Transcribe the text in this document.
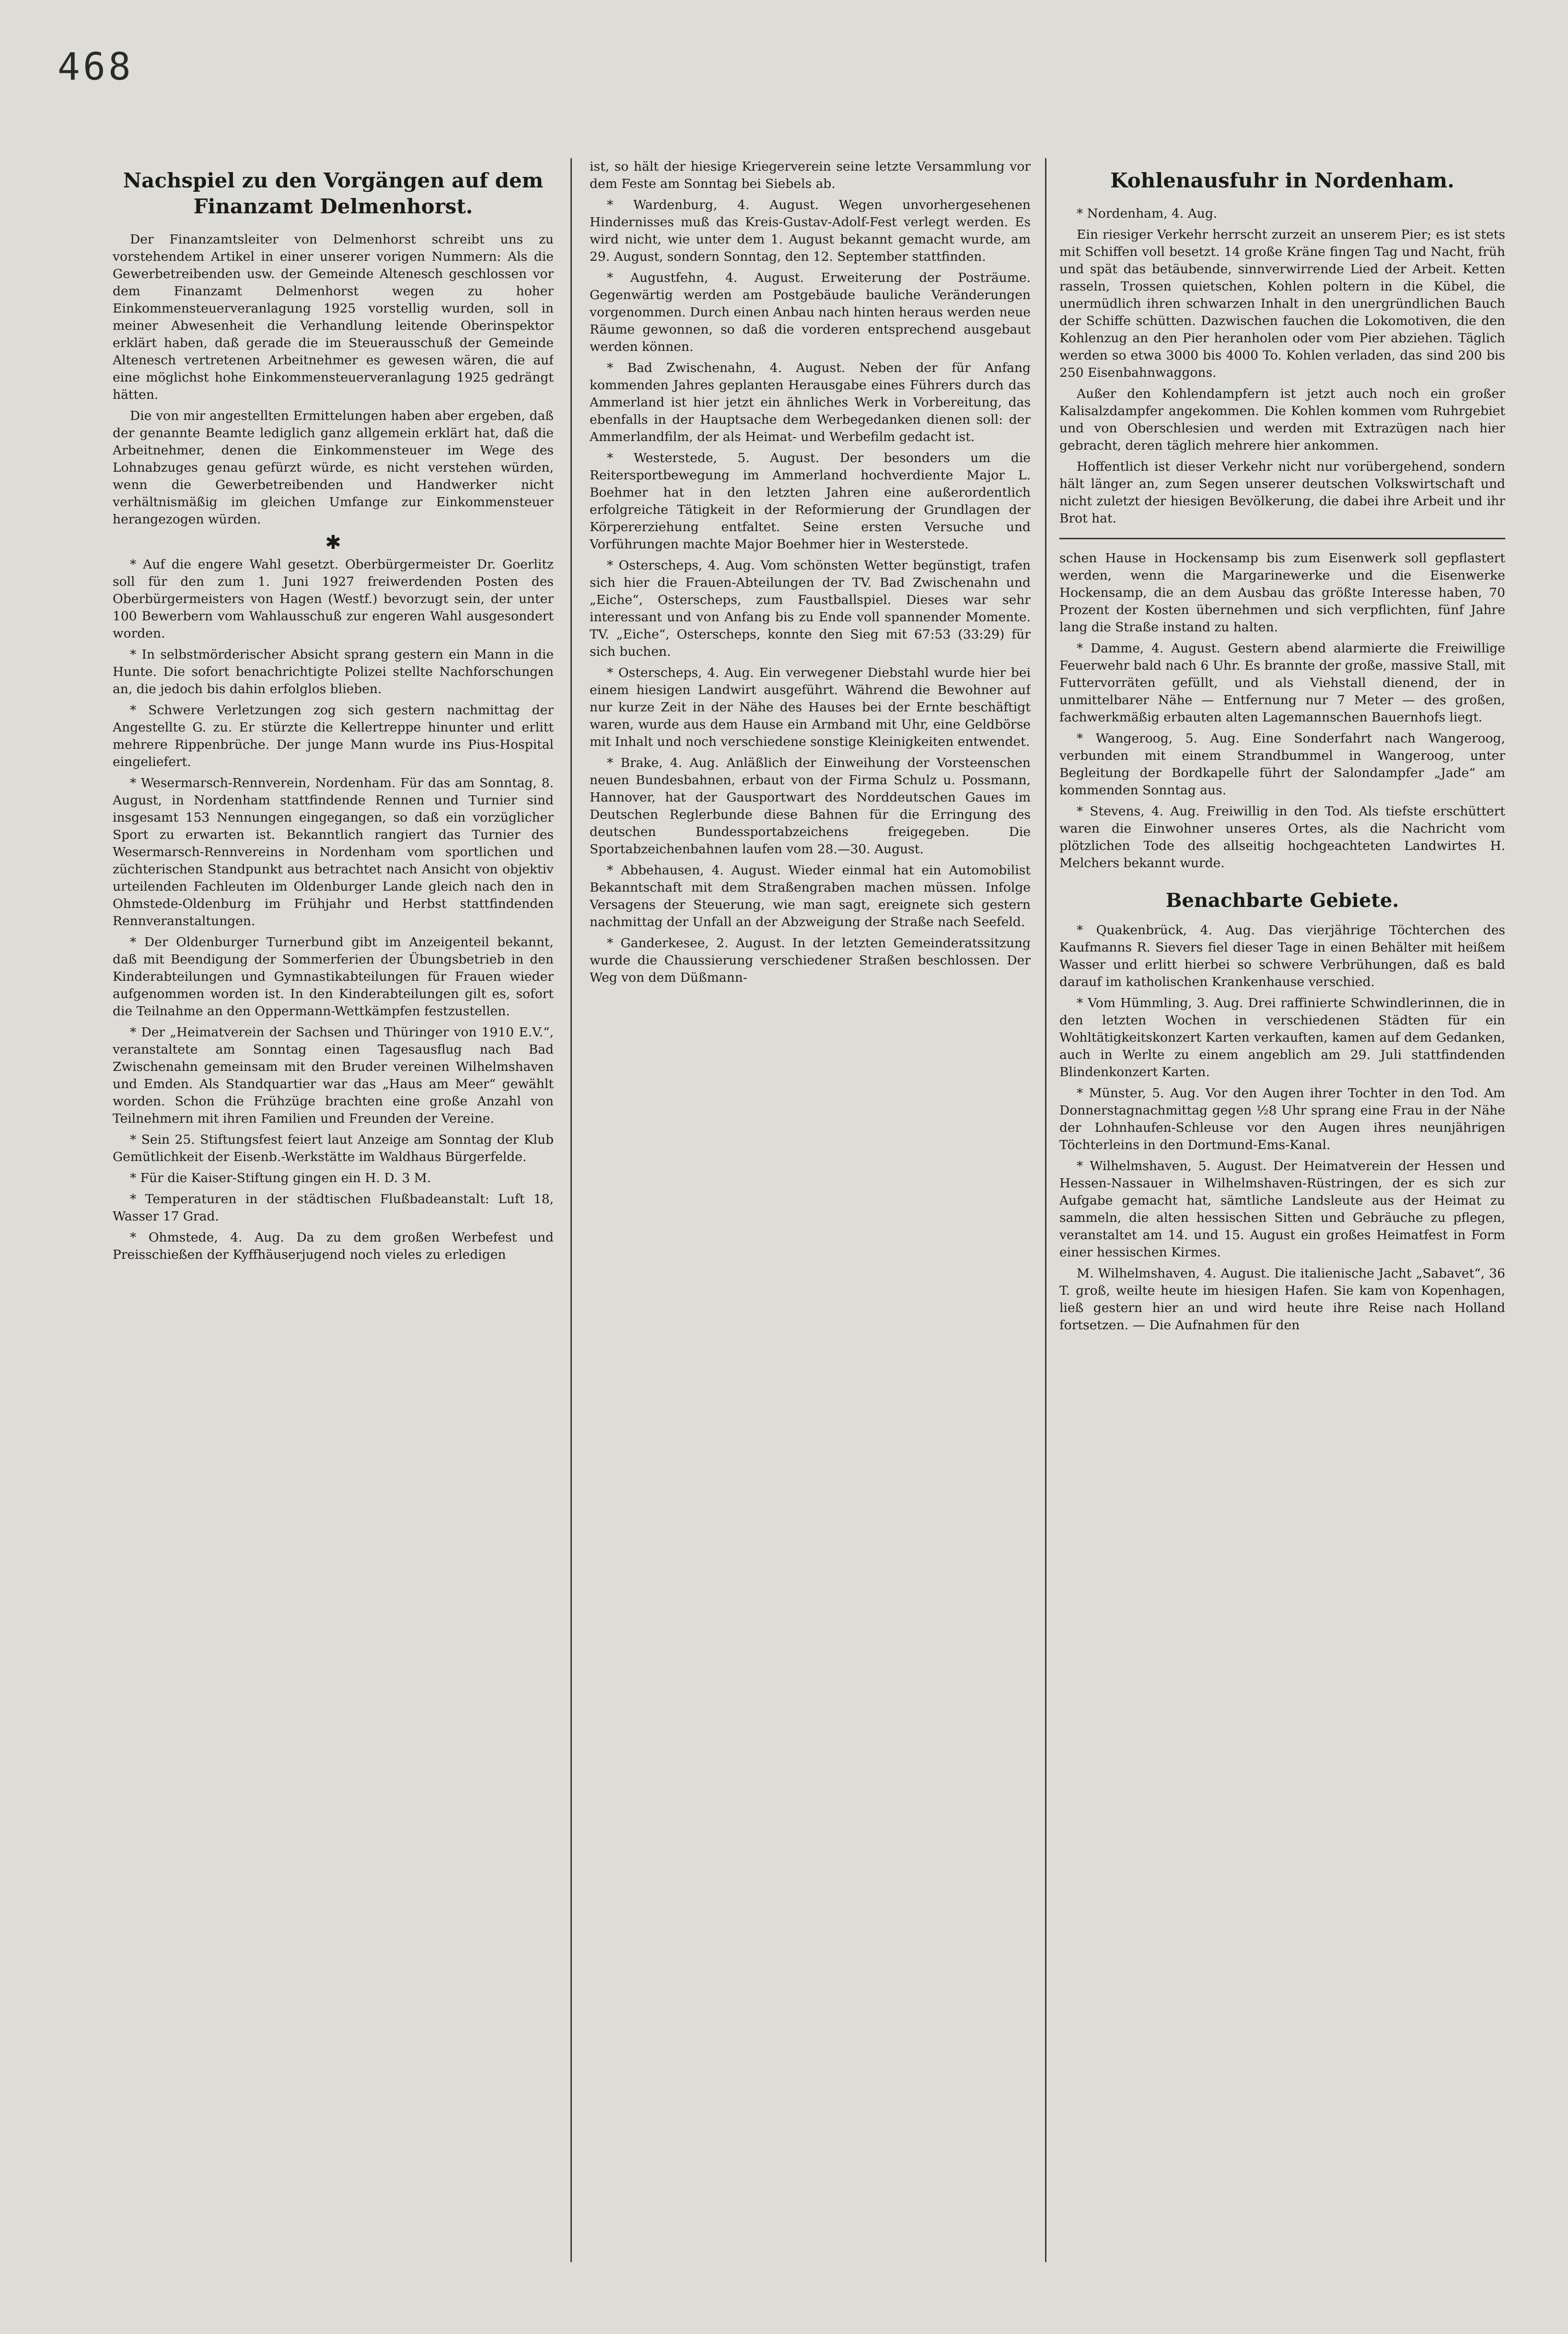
468
Nachspiel zu den Vorgängen auf dem Finanzamt Delmenhorst.

Der Finanzamtsleiter von Delmenhorst schreibt uns zu vorstehendem Artikel in einer unserer vorigen Nummern: Als die Gewerbetreibenden usw. der Gemeinde Altenesch geschlossen vor dem Finanzamt Delmenhorst wegen zu hoher Einkommensteuerveranlagung 1925 vorstellig wurden, soll in meiner Abwesenheit die Verhandlung leitende Oberinspektor erklärt haben, daß gerade die im Steuerausschuß der Gemeinde Altenesch vertretenen Arbeitnehmer es gewesen wären, die auf eine möglichst hohe Einkommensteuerveranlagung 1925 gedrängt hätten.

Die von mir angestellten Ermittelungen haben aber ergeben, daß der genannte Beamte lediglich ganz allgemein erklärt hat, daß die Arbeitnehmer, denen die Einkommensteuer im Wege des Lohnabzuges genau gefürzt würde, es nicht verstehen würden, wenn die Gewerbetreibenden und Handwerker nicht verhältnismäßig im gleichen Umfange zur Einkommensteuer herangezogen würden.

✱

* Auf die engere Wahl gesetzt. Oberbürgermeister Dr. Goerlitz soll für den zum 1. Juni 1927 freiwerdenden Posten des Oberbürgermeisters von Hagen (Westf.) bevorzugt sein, der unter 100 Bewerbern vom Wahlausschuß zur engeren Wahl ausgesondert worden.

* In selbstmörderischer Absicht sprang gestern ein Mann in die Hunte. Die sofort benachrichtigte Polizei stellte Nachforschungen an, die jedoch bis dahin erfolglos blieben.

* Schwere Verletzungen zog sich gestern nachmittag der Angestellte G. zu. Er stürzte die Kellertreppe hinunter und erlitt mehrere Rippenbrüche. Der junge Mann wurde ins Pius-Hospital eingeliefert.

* Wesermarsch-Rennverein, Nordenham. Für das am Sonntag, 8. August, in Nordenham stattfindende Rennen und Turnier sind insgesamt 153 Nennungen eingegangen, so daß ein vorzüglicher Sport zu erwarten ist. Bekanntlich rangiert das Turnier des Wesermarsch-Rennvereins in Nordenham vom sportlichen und züchterischen Standpunkt aus betrachtet nach Ansicht von objektiv urteilenden Fachleuten im Oldenburger Lande gleich nach den in Ohmstede-Oldenburg im Frühjahr und Herbst stattfindenden Rennveranstaltungen.

* Der Oldenburger Turnerbund gibt im Anzeigenteil bekannt, daß mit Beendigung der Sommerferien der Übungsbetrieb in den Kinderabteilungen und Gymnastikabteilungen für Frauen wieder aufgenommen worden ist. In den Kinderabteilungen gilt es, sofort die Teilnahme an den Oppermann-Wettkämpfen festzustellen.

* Der „Heimatverein der Sachsen und Thüringer von 1910 E.V.“, veranstaltete am Sonntag einen Tagesausflug nach Bad Zwischenahn gemeinsam mit den Bruder vereinen Wilhelmshaven und Emden. Als Standquartier war das „Haus am Meer“ gewählt worden. Schon die Frühzüge brachten eine große Anzahl von Teilnehmern mit ihren Familien und Freunden der Vereine.

* Sein 25. Stiftungsfest feiert laut Anzeige am Sonntag der Klub Gemütlichkeit der Eisenb.-Werkstätte im Waldhaus Bürgerfelde.

* Für die Kaiser-Stiftung gingen ein H. D. 3 M.

* Temperaturen in der städtischen Flußbadeanstalt: Luft 18, Wasser 17 Grad.

* Ohmstede, 4. Aug. Da zu dem großen Werbefest und Preisschießen der Kyffhäuserjugend noch vieles zu erledigen

ist, so hält der hiesige Kriegerverein seine letzte Versammlung vor dem Feste am Sonntag bei Siebels ab.

* Wardenburg, 4. August. Wegen unvorhergesehenen Hindernisses muß das Kreis-Gustav-Adolf-Fest verlegt werden. Es wird nicht, wie unter dem 1. August bekannt gemacht wurde, am 29. August, sondern Sonntag, den 12. September stattfinden.

* Augustfehn, 4. August. Erweiterung der Posträume. Gegenwärtig werden am Postgebäude bauliche Veränderungen vorgenommen. Durch einen Anbau nach hinten heraus werden neue Räume gewonnen, so daß die vorderen entsprechend ausgebaut werden können.

* Bad Zwischenahn, 4. August. Neben der für Anfang kommenden Jahres geplanten Herausgabe eines Führers durch das Ammerland ist hier jetzt ein ähnliches Werk in Vorbereitung, das ebenfalls in der Hauptsache dem Werbegedanken dienen soll: der Ammerlandfilm, der als Heimat- und Werbefilm gedacht ist.

* Westerstede, 5. August. Der besonders um die Reitersportbewegung im Ammerland hochverdiente Major L. Boehmer hat in den letzten Jahren eine außerordentlich erfolgreiche Tätigkeit in der Reformierung der Grundlagen der Körpererziehung entfaltet. Seine ersten Versuche und Vorführungen machte Major Boehmer hier in Westerstede.

* Osterscheps, 4. Aug. Vom schönsten Wetter begünstigt, trafen sich hier die Frauen-Abteilungen der TV. Bad Zwischenahn und „Eiche“, Osterscheps, zum Faustballspiel. Dieses war sehr interessant und von Anfang bis zu Ende voll spannender Momente. TV. „Eiche“, Osterscheps, konnte den Sieg mit 67:53 (33:29) für sich buchen.

* Osterscheps, 4. Aug. Ein verwegener Diebstahl wurde hier bei einem hiesigen Landwirt ausgeführt. Während die Bewohner auf nur kurze Zeit in der Nähe des Hauses bei der Ernte beschäftigt waren, wurde aus dem Hause ein Armband mit Uhr, eine Geldbörse mit Inhalt und noch verschiedene sonstige Kleinigkeiten entwendet.

* Brake, 4. Aug. Anläßlich der Einweihung der Vorsteenschen neuen Bundesbahnen, erbaut von der Firma Schulz u. Possmann, Hannover, hat der Gausportwart des Norddeutschen Gaues im Deutschen Reglerbunde diese Bahnen für die Erringung des deutschen Bundessportabzeichens freigegeben. Die Sportabzeichenbahnen laufen vom 28.—30. August.

* Abbehausen, 4. August. Wieder einmal hat ein Automobilist Bekanntschaft mit dem Straßengraben machen müssen. Infolge Versagens der Steuerung, wie man sagt, ereignete sich gestern nachmittag der Unfall an der Abzweigung der Straße nach Seefeld.

* Ganderkesee, 2. August. In der letzten Gemeinderatssitzung wurde die Chaussierung verschiedener Straßen beschlossen. Der Weg von dem Düßmann-

Kohlenausfuhr in Nordenham.

* Nordenham, 4. Aug.

Ein riesiger Verkehr herrscht zurzeit an unserem Pier; es ist stets mit Schiffen voll besetzt. 14 große Kräne fingen Tag und Nacht, früh und spät das betäubende, sinnverwirrende Lied der Arbeit. Ketten rasseln, Trossen quietschen, Kohlen poltern in die Kübel, die unermüdlich ihren schwarzen Inhalt in den unergründlichen Bauch der Schiffe schütten. Dazwischen fauchen die Lokomotiven, die den Kohlenzug an den Pier heranholen oder vom Pier abziehen. Täglich werden so etwa 3000 bis 4000 To. Kohlen verladen, das sind 200 bis 250 Eisenbahnwaggons.

Außer den Kohlendampfern ist jetzt auch noch ein großer Kalisalzdampfer angekommen. Die Kohlen kommen vom Ruhrgebiet und von Oberschlesien und werden mit Extrazügen nach hier gebracht, deren täglich mehrere hier ankommen.

Hoffentlich ist dieser Verkehr nicht nur vorübergehend, sondern hält länger an, zum Segen unserer deutschen Volkswirtschaft und nicht zuletzt der hiesigen Bevölkerung, die dabei ihre Arbeit und ihr Brot hat.

schen Hause in Hockensamp bis zum Eisenwerk soll gepflastert werden, wenn die Margarinewerke und die Eisenwerke Hockensamp, die an dem Ausbau das größte Interesse haben, 70 Prozent der Kosten übernehmen und sich verpflichten, fünf Jahre lang die Straße instand zu halten.

* Damme, 4. August. Gestern abend alarmierte die Freiwillige Feuerwehr bald nach 6 Uhr. Es brannte der große, massive Stall, mit Futtervorräten gefüllt, und als Viehstall dienend, der in unmittelbarer Nähe — Entfernung nur 7 Meter — des großen, fachwerkmäßig erbauten alten Lagemannschen Bauernhofs liegt.

* Wangeroog, 5. Aug. Eine Sonderfahrt nach Wangeroog, verbunden mit einem Strandbummel in Wangeroog, unter Begleitung der Bordkapelle führt der Salondampfer „Jade“ am kommenden Sonntag aus.

* Stevens, 4. Aug. Freiwillig in den Tod. Als tiefste erschüttert waren die Einwohner unseres Ortes, als die Nachricht vom plötzlichen Tode des allseitig hochgeachteten Landwirtes H. Melchers bekannt wurde.

Benachbarte Gebiete.

* Quakenbrück, 4. Aug. Das vierjährige Töchterchen des Kaufmanns R. Sievers fiel dieser Tage in einen Behälter mit heißem Wasser und erlitt hierbei so schwere Verbrühungen, daß es bald darauf im katholischen Krankenhause verschied.

* Vom Hümmling, 3. Aug. Drei raffinierte Schwindlerinnen, die in den letzten Wochen in verschiedenen Städten für ein Wohltätigkeitskonzert Karten verkauften, kamen auf dem Gedanken, auch in Werlte zu einem angeblich am 29. Juli stattfindenden Blindenkonzert Karten.

* Münster, 5. Aug. Vor den Augen ihrer Tochter in den Tod. Am Donnerstagnachmittag gegen ½8 Uhr sprang eine Frau in der Nähe der Lohnhaufen-Schleuse vor den Augen ihres neunjährigen Töchterleins in den Dortmund-Ems-Kanal.

* Wilhelmshaven, 5. August. Der Heimatverein der Hessen und Hessen-Nassauer in Wilhelmshaven-Rüstringen, der es sich zur Aufgabe gemacht hat, sämtliche Landsleute aus der Heimat zu sammeln, die alten hessischen Sitten und Gebräuche zu pflegen, veranstaltet am 14. und 15. August ein großes Heimatfest in Form einer hessischen Kirmes.

M. Wilhelmshaven, 4. August. Die italienische Jacht „Sabavet“, 36 T. groß, weilte heute im hiesigen Hafen. Sie kam von Kopenhagen, ließ gestern hier an und wird heute ihre Reise nach Holland fortsetzen. — Die Aufnahmen für den
